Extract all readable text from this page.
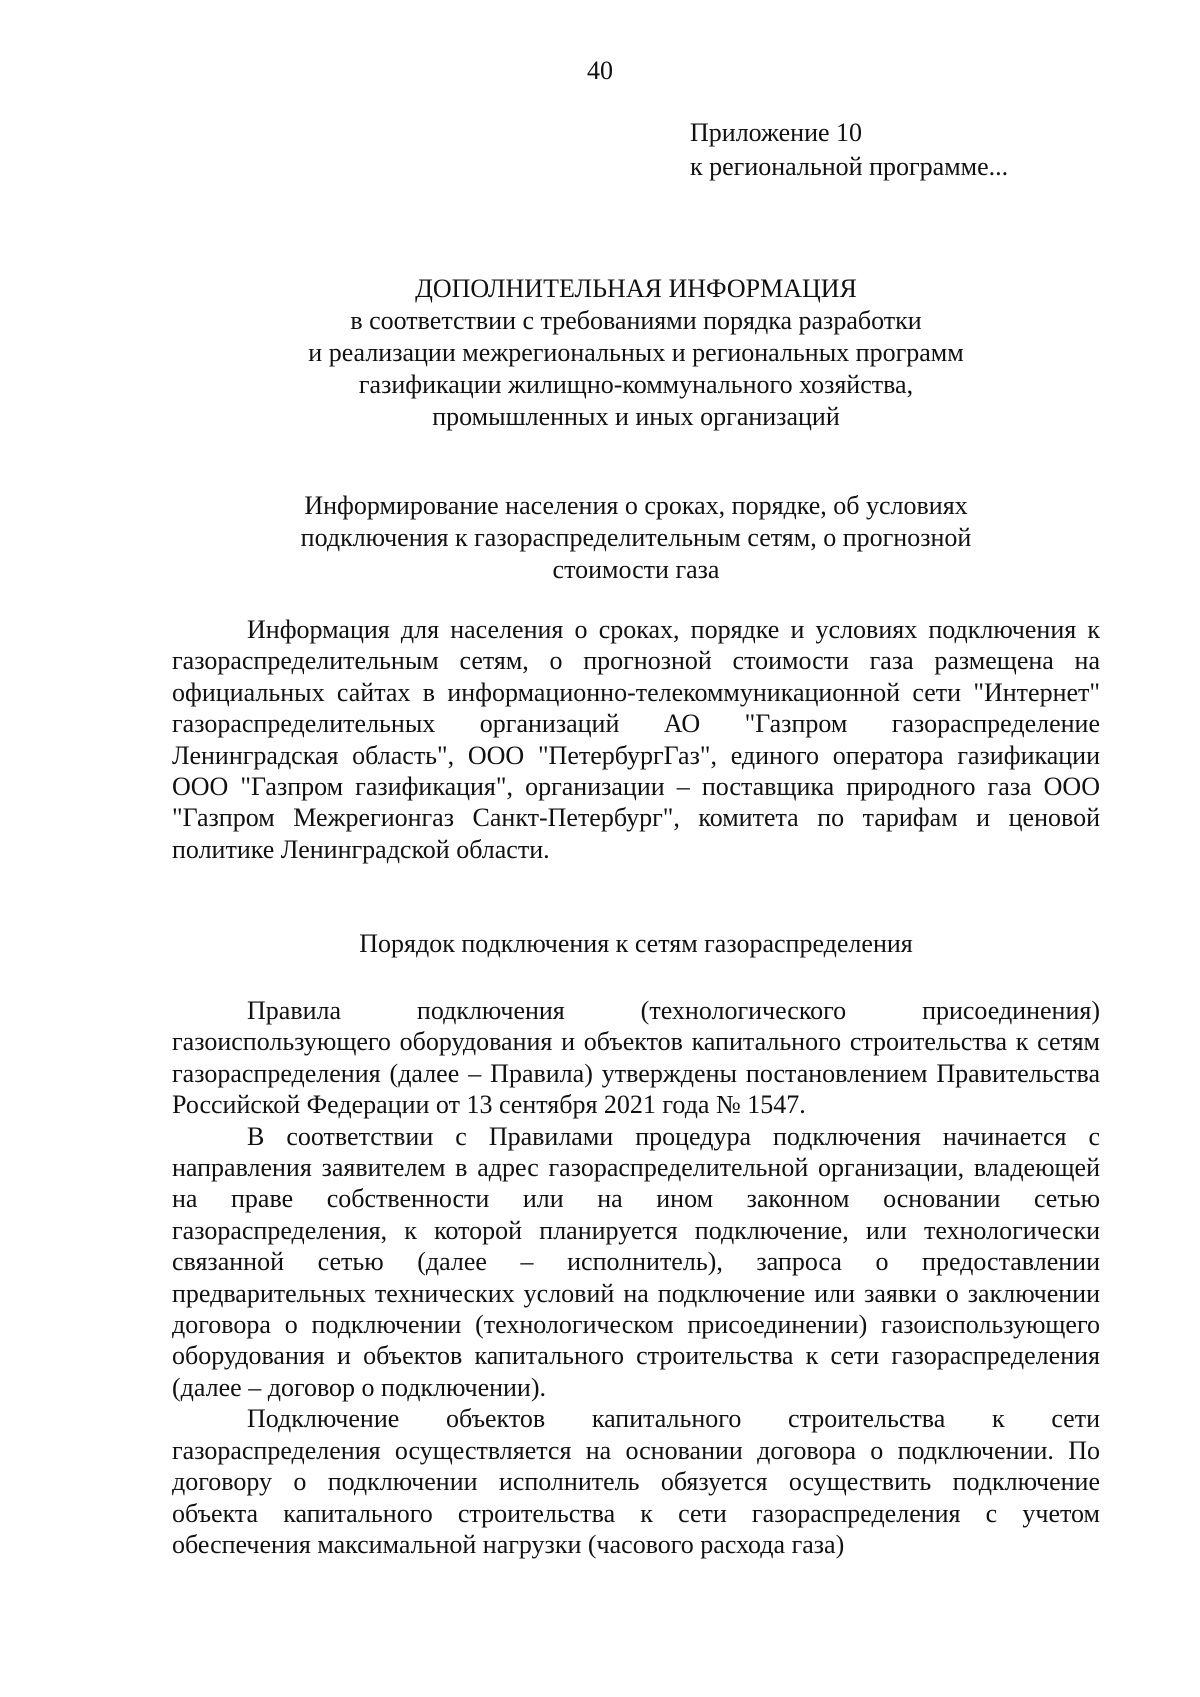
40
Приложение 10
к региональной программе...
ДОПОЛНИТЕЛЬНАЯ ИНФОРМАЦИЯ
в соответствии с требованиями порядка разработки
и реализации межрегиональных и региональных программ
газификации жилищно-коммунального хозяйства,
промышленных и иных организаций
Информирование населения о сроках, порядке, об условиях
подключения к газораспределительным сетям, о прогнозной
стоимости газа

Информация для населения о сроках, порядке и условиях подключения к газораспределительным сетям, о прогнозной стоимости газа размещена на официальных сайтах в информационно-телекоммуникационной сети "Интернет" газораспределительных организаций АО "Газпром газораспределение Ленинградская область", ООО "ПетербургГаз", единого оператора газификации ООО "Газпром газификация", организации – поставщика природного газа ООО "Газпром Межрегионгаз Санкт-Петербург", комитета по тарифам и ценовой политике Ленинградской области.

Порядок подключения к сетям газораспределения

Правила подключения (технологического присоединения) газоиспользующего оборудования и объектов капитального строительства к сетям газораспределения (далее – Правила) утверждены постановлением Правительства Российской Федерации от 13 сентября 2021 года № 1547.

В соответствии с Правилами процедура подключения начинается с направления заявителем в адрес газораспределительной организации, владеющей на праве собственности или на ином законном основании сетью газораспределения, к которой планируется подключение, или технологически связанной сетью (далее – исполнитель), запроса о предоставлении предварительных технических условий на подключение или заявки о заключении договора о подключении (технологическом присоединении) газоиспользующего оборудования и объектов капитального строительства к сети газораспределения (далее – договор о подключении).

Подключение объектов капитального строительства к сети газораспределения осуществляется на основании договора о подключении. По договору о подключении исполнитель обязуется осуществить подключение объекта капитального строительства к сети газораспределения с учетом обеспечения максимальной нагрузки (часового расхода газа)
